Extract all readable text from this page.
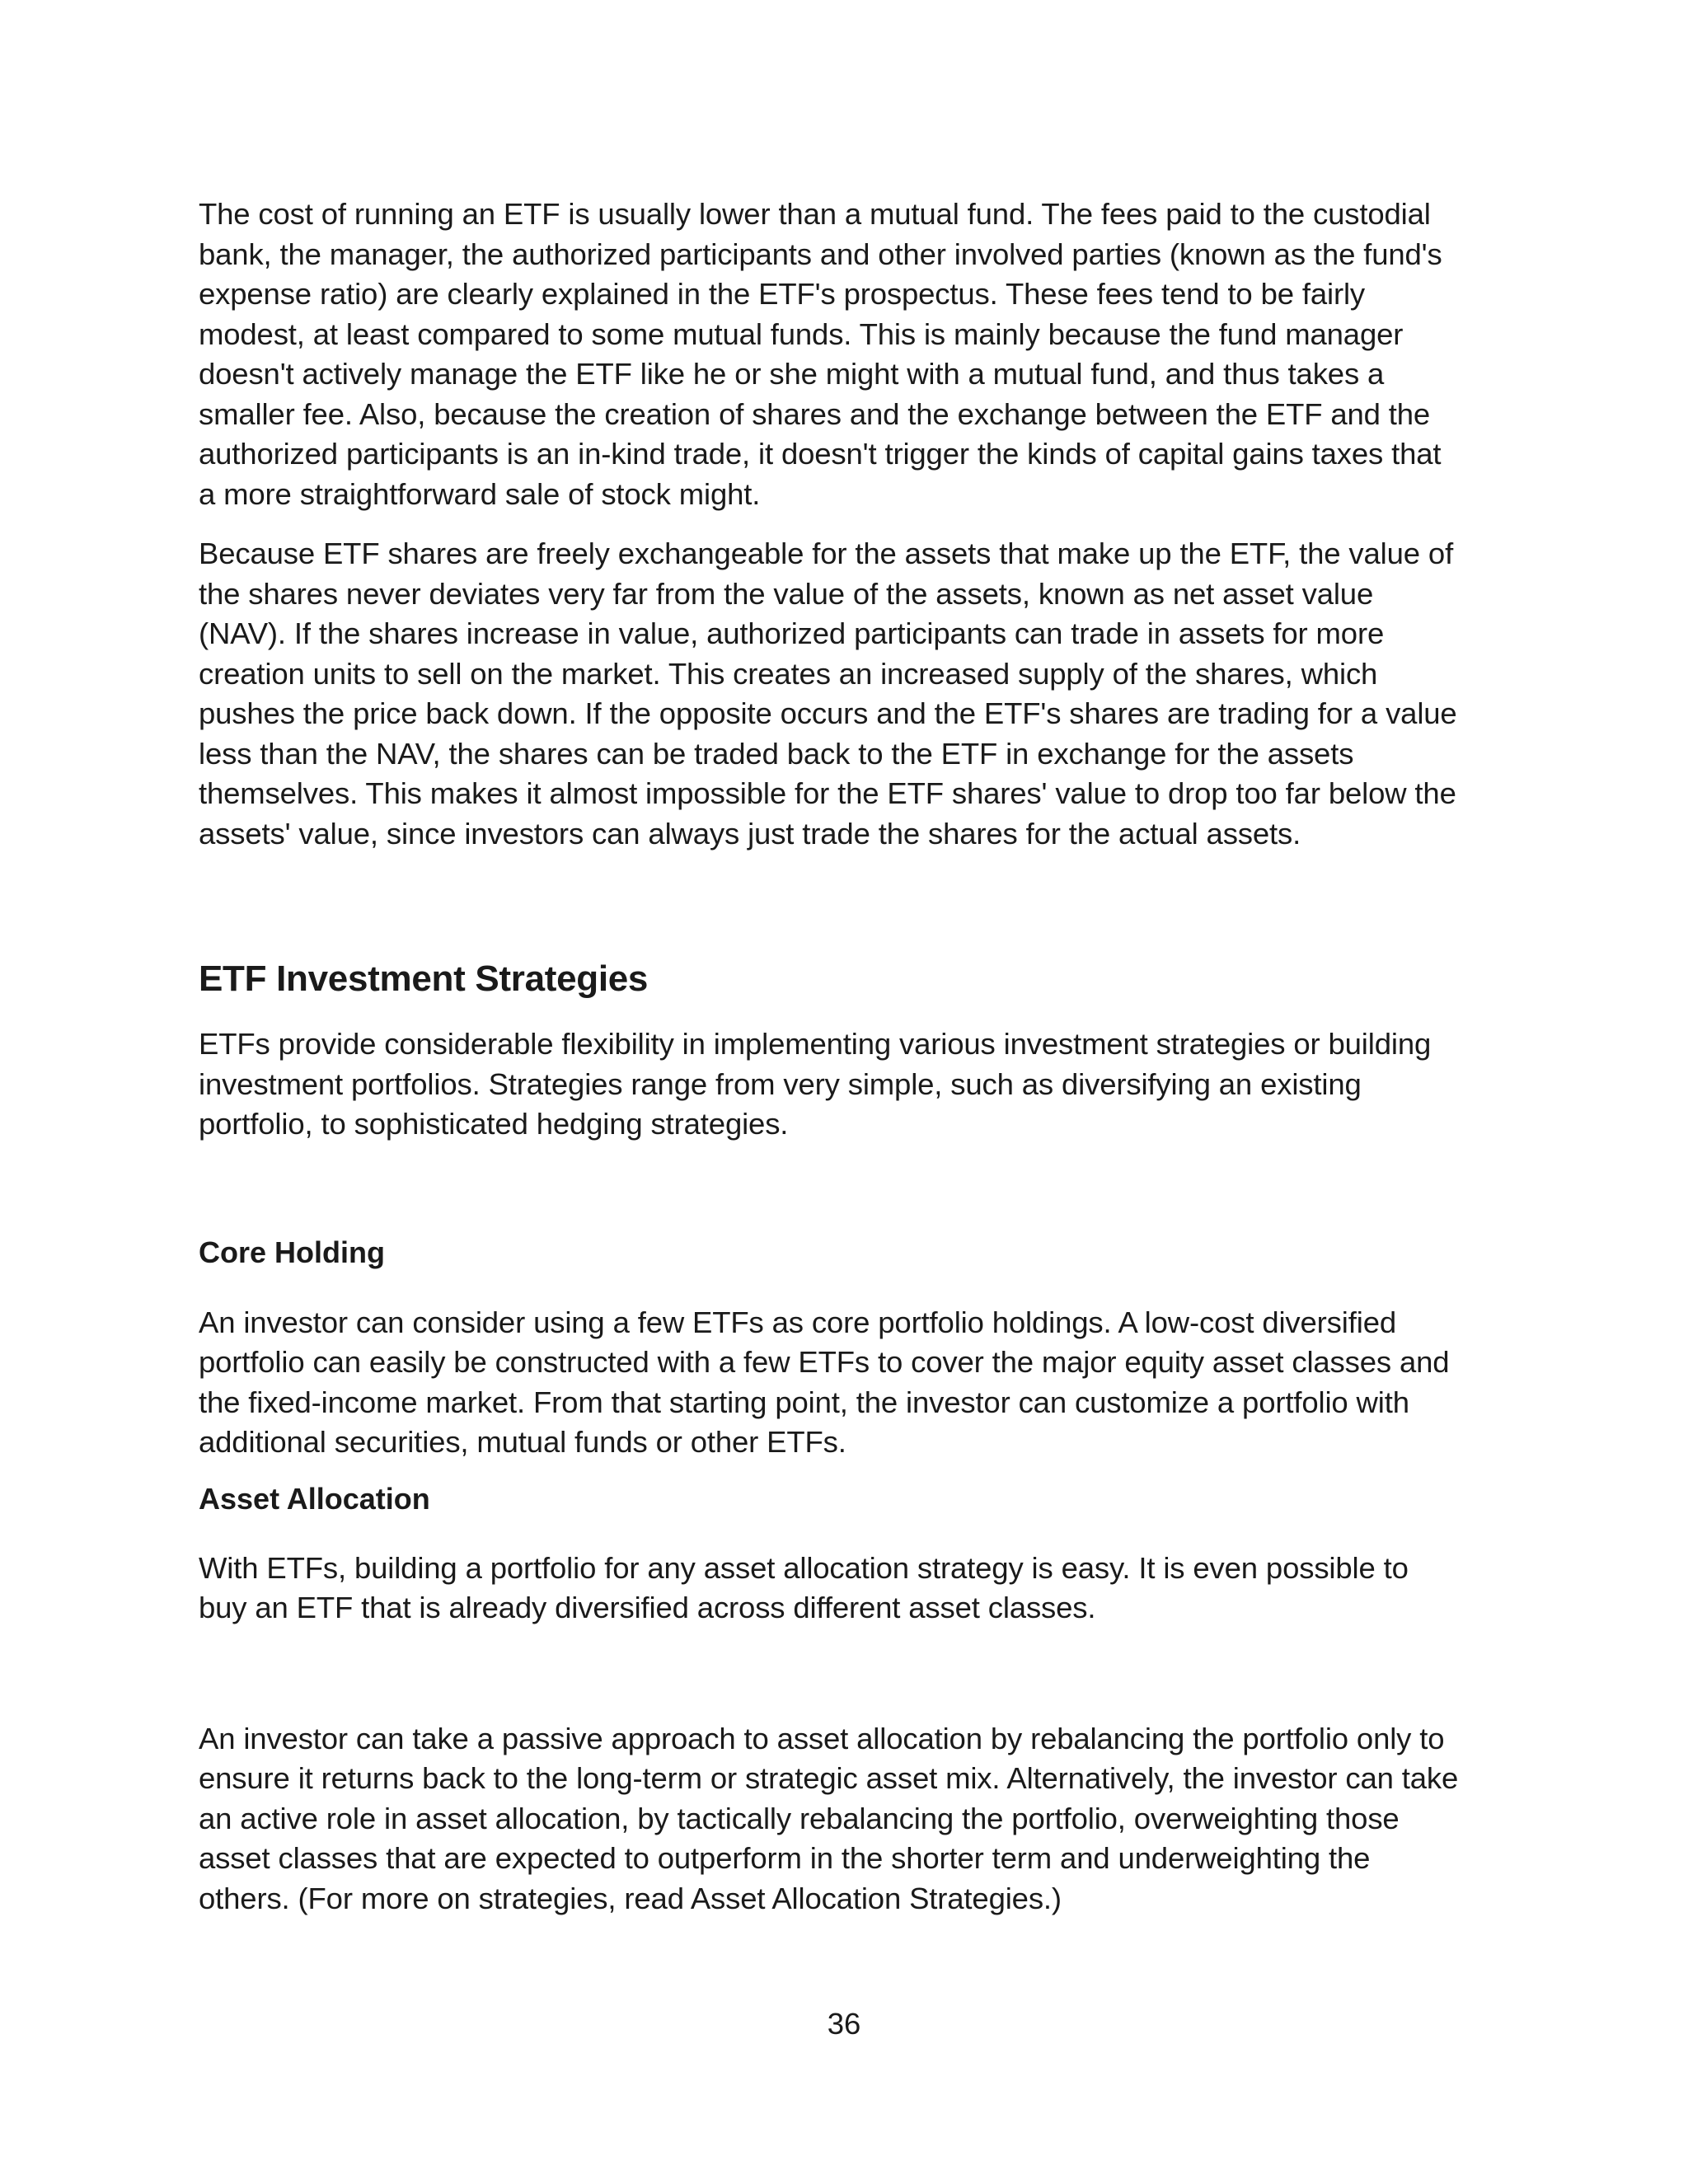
The cost of running an ETF is usually lower than a mutual fund. The fees paid to the custodial
bank, the manager, the authorized participants and other involved parties (known as the fund's
expense ratio) are clearly explained in the ETF's prospectus. These fees tend to be fairly
modest, at least compared to some mutual funds. This is mainly because the fund manager
doesn't actively manage the ETF like he or she might with a mutual fund, and thus takes a
smaller fee. Also, because the creation of shares and the exchange between the ETF and the
authorized participants is an in-kind trade, it doesn't trigger the kinds of capital gains taxes that
a more straightforward sale of stock might.

Because ETF shares are freely exchangeable for the assets that make up the ETF, the value of
the shares never deviates very far from the value of the assets, known as net asset value
(NAV). If the shares increase in value, authorized participants can trade in assets for more
creation units to sell on the market. This creates an increased supply of the shares, which
pushes the price back down. If the opposite occurs and the ETF's shares are trading for a value
less than the NAV, the shares can be traded back to the ETF in exchange for the assets
themselves. This makes it almost impossible for the ETF shares' value to drop too far below the
assets' value, since investors can always just trade the shares for the actual assets.

ETF Investment Strategies

ETFs provide considerable flexibility in implementing various investment strategies or building
investment portfolios. Strategies range from very simple, such as diversifying an existing
portfolio, to sophisticated hedging strategies.

Core Holding

An investor can consider using a few ETFs as core portfolio holdings. A low-cost diversified
portfolio can easily be constructed with a few ETFs to cover the major equity asset classes and
the fixed-income market. From that starting point, the investor can customize a portfolio with
additional securities, mutual funds or other ETFs.

Asset Allocation

With ETFs, building a portfolio for any asset allocation strategy is easy. It is even possible to
buy an ETF that is already diversified across different asset classes.

An investor can take a passive approach to asset allocation by rebalancing the portfolio only to
ensure it returns back to the long-term or strategic asset mix. Alternatively, the investor can take
an active role in asset allocation, by tactically rebalancing the portfolio, overweighting those
asset classes that are expected to outperform in the shorter term and underweighting the
others. (For more on strategies, read Asset Allocation Strategies.)

36
